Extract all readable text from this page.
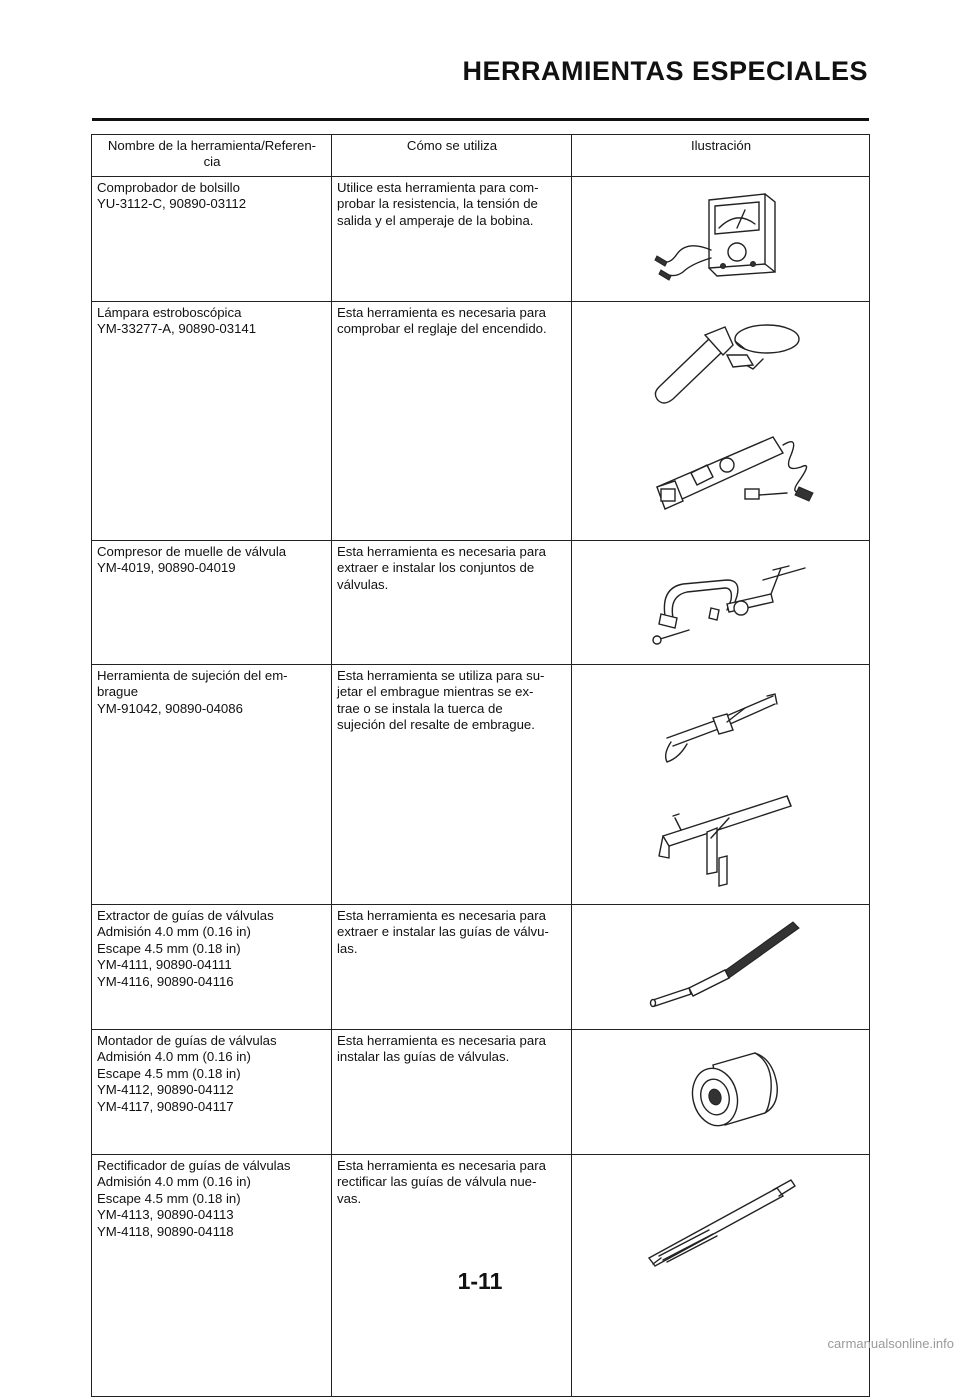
HERRAMIENTAS ESPECIALES
Nombre de la herramienta/Referen-
cia	Cómo se utiliza	Ilustración

Comprobador de bolsillo
YU-3112-C, 90890-03112	Utilice esta herramienta para com-
probar la resistencia, la tensión de
salida y el amperaje de la bobina.

Lámpara estroboscópica
YM-33277-A, 90890-03141	Esta herramienta es necesaria para
comprobar el reglaje del encendido.

Compresor de muelle de válvula
YM-4019, 90890-04019	Esta herramienta es necesaria para
extraer e instalar los conjuntos de
válvulas.

Herramienta de sujeción del em-
brague
YM-91042, 90890-04086	Esta herramienta se utiliza para su-
jetar el embrague mientras se ex-
trae o se instala la tuerca de
sujeción del resalte de embrague.

Extractor de guías de válvulas
Admisión 4.0 mm (0.16 in)
Escape 4.5 mm (0.18 in)
YM-4111, 90890-04111
YM-4116, 90890-04116	Esta herramienta es necesaria para
extraer e instalar las guías de válvu-
las.

Montador de guías de válvulas
Admisión 4.0 mm (0.16 in)
Escape 4.5 mm (0.18 in)
YM-4112, 90890-04112
YM-4117, 90890-04117	Esta herramienta es necesaria para
instalar las guías de válvulas.

Rectificador de guías de válvulas
Admisión 4.0 mm (0.16 in)
Escape 4.5 mm (0.18 in)
YM-4113, 90890-04113
YM-4118, 90890-04118	Esta herramienta es necesaria para
rectificar las guías de válvula nue-
vas.

1-11

carmanualsonline.info
